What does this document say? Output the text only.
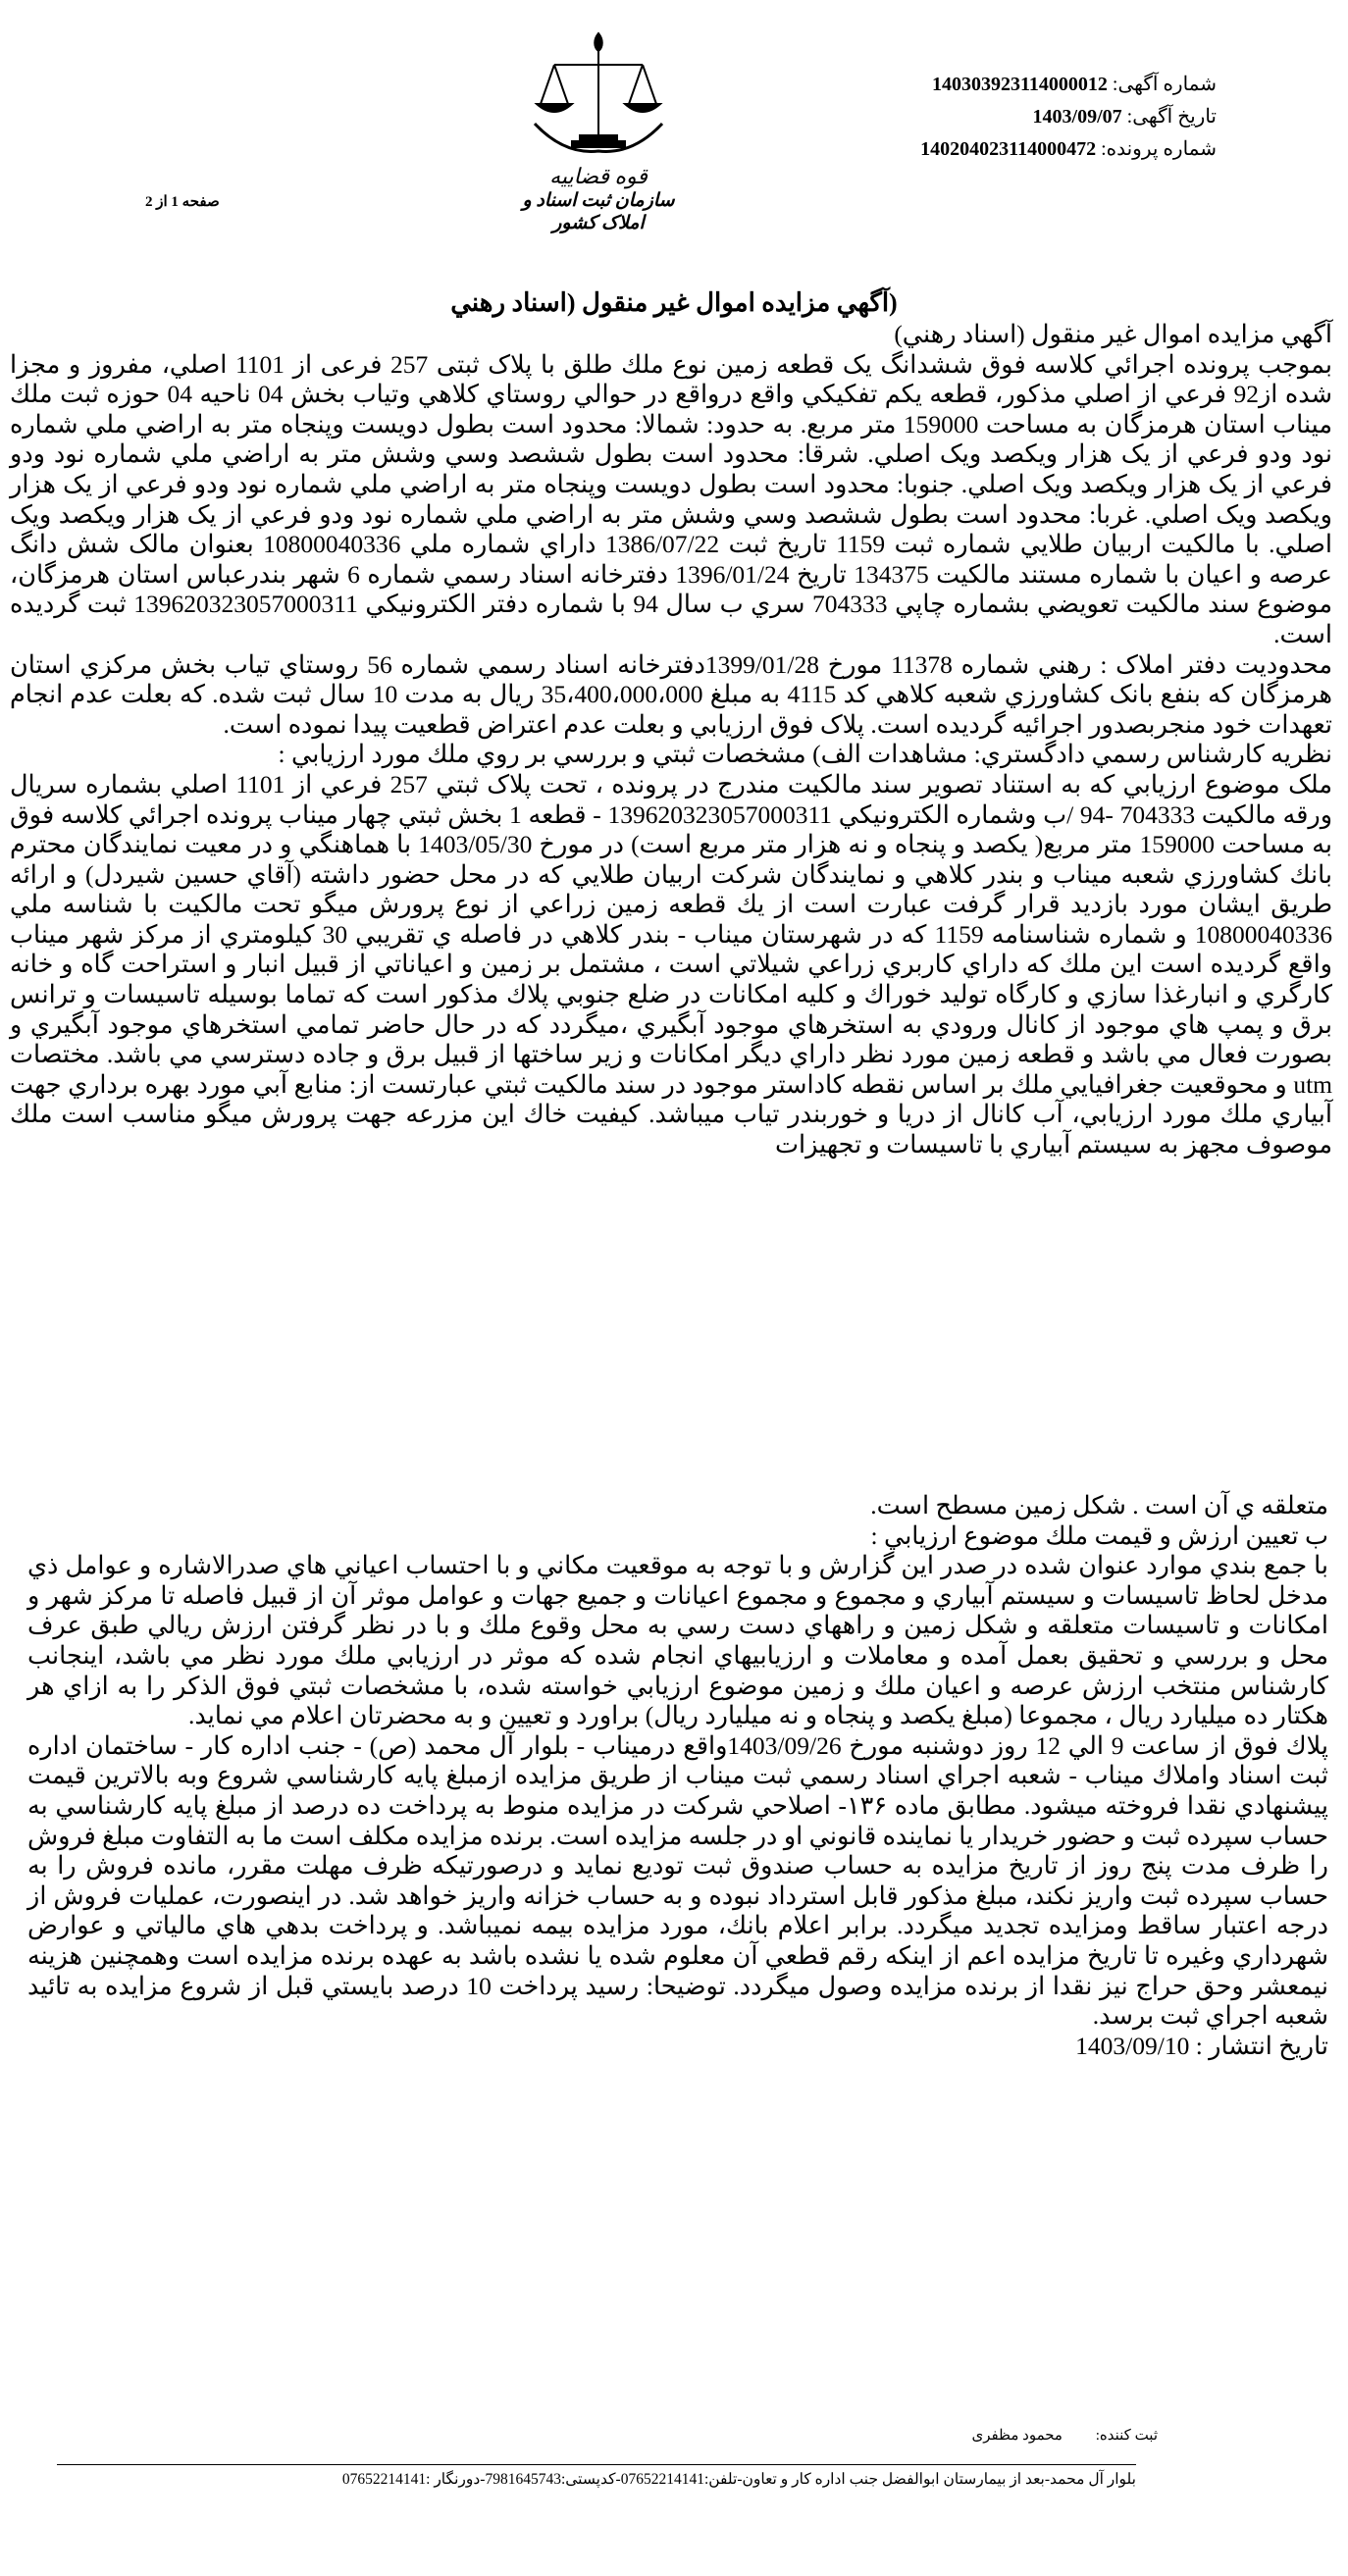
شماره آگهی: 140303923114000012
تاریخ آگهی: 1403/09/07
شماره پرونده: 140204023114000472
قوه قضاییه
سازمان ثبت اسناد و املاک کشور
صفحه 1 از 2
(آگهي مزايده اموال غير منقول (اسناد رهني

آگهي مزايده اموال غير منقول (اسناد رهني)

بموجب پرونده اجرائي كلاسه فوق ششدانگ يک قطعه زمين نوع ملك طلق با پلاک ثبتی 257 فرعی از 1101 اصلي، مفروز و مجزا شده از92 فرعي از اصلي مذكور، قطعه يكم تفكيكي واقع درواقع در حوالي روستاي كلاهي وتياب بخش 04 ناحيه 04 حوزه ثبت ملك ميناب استان هرمزگان به مساحت 159000 متر مربع. به حدود: شمالا: محدود است بطول دويست وپنجاه متر به اراضي ملي شماره نود ودو فرعي از يک هزار ويكصد ويک اصلي. شرقا: محدود است بطول ششصد وسي وشش متر به اراضي ملي شماره نود ودو فرعي از يک هزار ويكصد ويک اصلي. جنوبا: محدود است بطول دويست وپنجاه متر به اراضي ملي شماره نود ودو فرعي از يک هزار ويكصد ويک اصلي. غربا: محدود است بطول ششصد وسي وشش متر به اراضي ملي شماره نود ودو فرعي از يک هزار ويكصد ويک اصلي. با مالكيت اربيان طلايي شماره ثبت 1159 تاريخ ثبت 1386/07/22 داراي شماره ملي 10800040336 بعنوان مالک شش دانگ عرصه و اعيان با شماره مستند مالكيت 134375 تاريخ 1396/01/24 دفترخانه اسناد رسمي شماره 6 شهر بندرعباس استان هرمزگان، موضوع سند مالكيت تعويضي بشماره چاپي 704333 سري ب سال 94 با شماره دفتر الكترونيكي 139620323057000311 ثبت گرديده است.

محدوديت دفتر املاک : رهني شماره 11378 مورخ 1399/01/28دفترخانه اسناد رسمي شماره 56 روستاي تياب بخش مركزي استان هرمزگان كه بنفع بانک كشاورزي شعبه كلاهي كد 4115 به مبلغ 35،400،000،000 ريال به مدت 10 سال ثبت شده. كه بعلت عدم انجام تعهدات خود منجربصدور اجرائيه گرديده است. پلاک فوق ارزيابي و بعلت عدم اعتراض قطعيت پيدا نموده است.

نظريه كارشناس رسمي دادگستري: مشاهدات الف) مشخصات ثبتي و بررسي بر روي ملك مورد ارزيابي :

ملک موضوع ارزيابي كه به استناد تصوير سند مالكيت مندرج در پرونده ، تحت پلاک ثبتي 257 فرعي از 1101 اصلي بشماره سريال ورقه مالكيت 704333 -94 /ب وشماره الكترونيكي 139620323057000311 - قطعه 1 بخش ثبتي چهار ميناب پرونده اجرائي كلاسه فوق به مساحت 159000 متر مربع( يكصد و پنجاه و نه هزار متر مربع است) در مورخ 1403/05/30 با هماهنگي و در معيت نمايندگان محترم بانك كشاورزي شعبه ميناب و بندر كلاهي و نمايندگان شركت اربيان طلايي كه در محل حضور داشته (آقاي حسين شيردل) و ارائه طريق ايشان مورد بازديد قرار گرفت عبارت است از يك قطعه زمين زراعي از نوع پرورش ميگو تحت مالكيت با شناسه ملي 10800040336 و شماره شناسنامه 1159 كه در شهرستان ميناب - بندر كلاهي در فاصله ي تقريبي 30 كيلومتري از مركز شهر ميناب واقع گرديده است اين ملك كه داراي كاربري زراعي شيلاتي است ، مشتمل بر زمين و اعياناتي از قبيل انبار و استراحت گاه و خانه كارگري و انبارغذا سازي و كارگاه توليد خوراك و كليه امكانات در ضلع جنوبي پلاك مذكور است كه تماما بوسيله تاسيسات و ترانس برق و پمپ هاي موجود از كانال ورودي به استخرهاي موجود آبگيري ،ميگردد كه در حال حاضر تمامي استخرهاي موجود آبگيري و بصورت فعال مي باشد و قطعه زمين مورد نظر داراي ديگر امكانات و زير ساختها از قبيل برق و جاده دسترسي مي باشد. مختصات utm و محوقعيت جغرافيايي ملك بر اساس نقطه كاداستر موجود در سند مالكيت ثبتي عبارتست از: منابع آبي مورد بهره برداري جهت آبياري ملك مورد ارزيابي، آب كانال از دريا و خوربندر تياب ميباشد. كيفيت خاك اين مزرعه جهت پرورش ميگو مناسب است ملك موصوف مجهز به سيستم آبياري با تاسيسات و تجهيزات

متعلقه ي آن است . شكل زمين مسطح است.

ب تعيين ارزش و قيمت ملك موضوع ارزيابي :

با جمع بندي موارد عنوان شده در صدر اين گزارش و با توجه به موقعيت مكاني و با احتساب اعياني هاي صدرالاشاره و عوامل ذي مدخل لحاظ تاسيسات و سيستم آبياري و مجموع و مجموع اعيانات و جميع جهات و عوامل موثر آن از قبيل فاصله تا مركز شهر و امكانات و تاسيسات متعلقه و شكل زمين و راههاي دست رسي به محل وقوع ملك و با در نظر گرفتن ارزش ريالي طبق عرف محل و بررسي و تحقيق بعمل آمده و معاملات و ارزيابيهاي انجام شده كه موثر در ارزيابي ملك مورد نظر مي باشد، اينجانب كارشناس منتخب ارزش عرصه و اعيان ملك و زمين موضوع ارزيابي خواسته شده، با مشخصات ثبتي فوق الذكر را به ازاي هر هكتار ده ميليارد ريال ، مجموعا (مبلغ يكصد و پنجاه و نه ميليارد ريال) براورد و تعيين و به محضرتان اعلام مي نمايد.

پلاك فوق از ساعت 9 الي 12 روز دوشنبه مورخ 1403/09/26واقع درميناب - بلوار آل محمد (ص) - جنب اداره كار - ساختمان اداره ثبت اسناد واملاك ميناب - شعبه اجراي اسناد رسمي ثبت ميناب از طريق مزايده ازمبلغ پايه كارشناسي شروع وبه بالاترين قيمت پيشنهادي نقدا فروخته ميشود. مطابق ماده ۱۳۶- اصلاحي شركت در مزايده منوط به پرداخت ده درصد از مبلغ پايه كارشناسي به حساب سپرده ثبت و حضور خريدار يا نماينده قانوني او در جلسه مزايده است. برنده مزايده مكلف است ما به التفاوت مبلغ فروش را ظرف مدت پنج روز از تاريخ مزايده به حساب صندوق ثبت توديع نمايد و درصورتيكه ظرف مهلت مقرر، مانده فروش را به حساب سپرده ثبت واريز نكند، مبلغ مذكور قابل استرداد نبوده و به حساب خزانه واريز خواهد شد. در اينصورت، عمليات فروش از درجه اعتبار ساقط ومزايده تجديد ميگردد. برابر اعلام بانك، مورد مزايده بيمه نميباشد. و پرداخت بدهي هاي مالياتي و عوارض شهرداري وغيره تا تاريخ مزايده اعم از اينكه رقم قطعي آن معلوم شده يا نشده باشد به عهده برنده مزايده است وهمچنين هزينه نيمعشر وحق حراج نيز نقدا از برنده مزايده وصول ميگردد. توضيحا: رسيد پرداخت 10 درصد بايستي قبل از شروع مزايده به تائيد شعبه اجراي ثبت برسد.

تاريخ انتشار : 1403/09/10

ثبت کننده: محمود مظفری
بلوار آل محمد-بعد از بیمارستان ابوالفضل جنب اداره کار و تعاون-تلفن:07652214141-کدپستی:7981645743-دورنگار :07652214141
